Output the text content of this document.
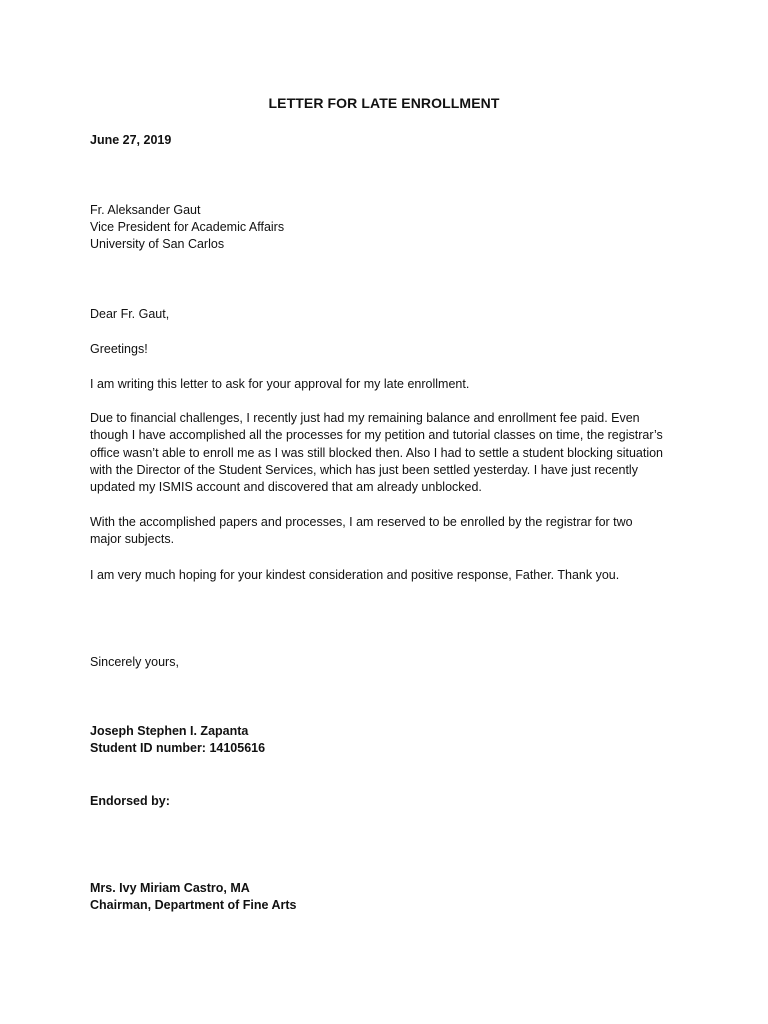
LETTER FOR LATE ENROLLMENT
June 27, 2019
Fr. Aleksander Gaut
Vice President for Academic Affairs
University of San Carlos
Dear Fr. Gaut,
Greetings!
I am writing this letter to ask for your approval for my late enrollment.
Due to financial challenges, I recently just had my remaining balance and enrollment fee paid. Even
though I have accomplished all the processes for my petition and tutorial classes on time, the registrar’s
office wasn’t able to enroll me as I was still blocked then. Also I had to settle a student blocking situation
with the Director of the Student Services, which has just been settled yesterday. I have just recently
updated my ISMIS account and discovered that am already unblocked.
With the accomplished papers and processes, I am reserved to be enrolled by the registrar for two
major subjects.
I am very much hoping for your kindest consideration and positive response, Father. Thank you.
Sincerely yours,
Joseph Stephen I. Zapanta
Student ID number: 14105616
Endorsed by:
Mrs. Ivy Miriam Castro, MA
Chairman, Department of Fine Arts
